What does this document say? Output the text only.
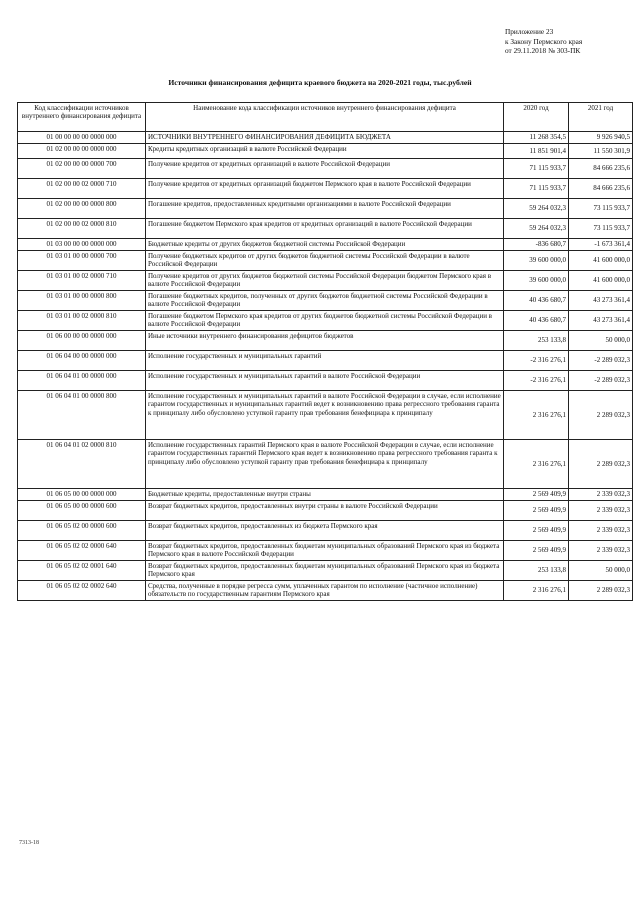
Приложение 23
к Закону Пермского края
от 29.11.2018 № 303-ПК
Источники финансирования дефицита краевого бюджета на 2020-2021 годы, тыс.рублей
Код классификации источников внутреннего финансирования дефицита	Наименование кода классификации источников внутреннего финансирования дефицита	2020 год	2021 год
01 00 00 00 00 0000 000	ИСТОЧНИКИ ВНУТРЕННЕГО ФИНАНСИРОВАНИЯ ДЕФИЦИТА БЮДЖЕТА	11 268 354,5	9 926 940,5
01 02 00 00 00 0000 000	Кредиты кредитных организаций в валюте Российской Федерации	11 851 901,4	11 550 301,9
01 02 00 00 00 0000 700	Получение кредитов от кредитных организаций в валюте Российской Федерации	71 115 933,7	84 666 235,6
01 02 00 00 02 0000 710	Получение кредитов от кредитных организаций бюджетом Пермского края в валюте Российской Федерации	71 115 933,7	84 666 235,6
01 02 00 00 00 0000 800	Погашение кредитов, предоставленных кредитными организациями в валюте Российской Федерации	59 264 032,3	73 115 933,7
01 02 00 00 02 0000 810	Погашение бюджетом Пермского края кредитов от кредитных организаций в валюте Российской Федерации	59 264 032,3	73 115 933,7
01 03 00 00 00 0000 000	Бюджетные кредиты от других бюджетов бюджетной системы Российской Федерации	-836 680,7	-1 673 361,4
01 03 01 00 00 0000 700	Получение бюджетных кредитов от других бюджетов бюджетной системы Российской Федерации в валюте Российской Федерации	39 600 000,0	41 600 000,0
01 03 01 00 02 0000 710	Получение кредитов от других бюджетов бюджетной системы Российской Федерации бюджетом Пермского края в валюте Российской Федерации	39 600 000,0	41 600 000,0
01 03 01 00 00 0000 800	Погашение бюджетных кредитов, полученных от других бюджетов бюджетной системы Российской Федерации в валюте Российской Федерации	40 436 680,7	43 273 361,4
01 03 01 00 02 0000 810	Погашение бюджетом Пермского края кредитов от других бюджетов бюджетной системы Российской Федерации в валюте Российской Федерации	40 436 680,7	43 273 361,4
01 06 00 00 00 0000 000	Иные источники внутреннего финансирования дефицитов бюджетов	253 133,8	50 000,0
01 06 04 00 00 0000 000	Исполнение государственных и муниципальных гарантий	-2 316 276,1	-2 289 032,3
01 06 04 01 00 0000 000	Исполнение государственных и муниципальных гарантий в валюте Российской Федерации	-2 316 276,1	-2 289 032,3
01 06 04 01 00 0000 800	Исполнение государственных и муниципальных гарантий в валюте Российской Федерации в случае, если исполнение гарантом государственных и муниципальных гарантий ведет к возникновению права регрессного требования гаранта к принципалу либо обусловлено уступкой гаранту прав требования бенефициара к принципалу	2 316 276,1	2 289 032,3
01 06 04 01 02 0000 810	Исполнение государственных гарантий Пермского края в валюте Российской Федерации в случае, если исполнение гарантом государственных гарантий Пермского края ведет к возникновению права регрессного требования гаранта к принципалу либо обусловлено уступкой гаранту прав требования бенефициара к принципалу	2 316 276,1	2 289 032,3
01 06 05 00 00 0000 000	Бюджетные кредиты, предоставленные внутри страны	2 569 409,9	2 339 032,3
01 06 05 00 00 0000 600	Возврат бюджетных кредитов, предоставленных внутри страны в валюте Российской Федерации	2 569 409,9	2 339 032,3
01 06 05 02 00 0000 600	Возврат бюджетных кредитов, предоставленных из бюджета Пермского края	2 569 409,9	2 339 032,3
01 06 05 02 02 0000 640	Возврат бюджетных кредитов, предоставленных бюджетам муниципальных образований Пермского края из бюджета Пермского края в валюте Российской Федерации	2 569 409,9	2 339 032,3
01 06 05 02 02 0001 640	Возврат бюджетных кредитов, предоставленных бюджетам муниципальных образований Пермского края из бюджета Пермского края	253 133,8	50 000,0
01 06 05 02 02 0002 640	Средства, полученные в порядке регресса сумм, уплаченных гарантом по исполнение (частичное исполнение) обязательств по государственным гарантиям Пермского края	2 316 276,1	2 289 032,3
7313-18
